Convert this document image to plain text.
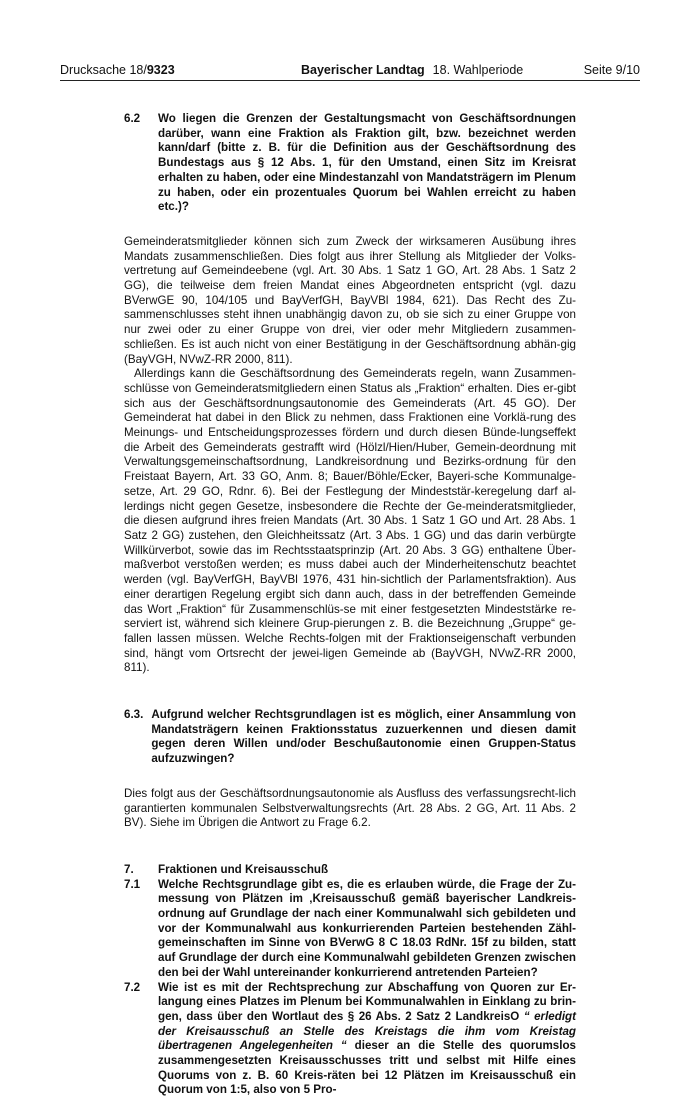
Drucksache 18/9323	Bayerischer Landtag 18. Wahlperiode	Seite 9/10
6.2	Wo liegen die Grenzen der Gestaltungsmacht von Geschäftsordnungen darüber, wann eine Fraktion als Fraktion gilt, bzw. bezeichnet werden kann/darf (bitte z. B. für die Definition aus der Geschäftsordnung des Bundestags aus § 12 Abs. 1, für den Umstand, einen Sitz im Kreisrat erhalten zu haben, oder eine Mindestanzahl von Mandatsträgern im Plenum zu haben, oder ein prozentuales Quorum bei Wahlen erreicht zu haben etc.)?

Gemeinderatsmitglieder können sich zum Zweck der wirksameren Ausübung ihres Mandats zusammenschließen. Dies folgt aus ihrer Stellung als Mitglieder der Volks-vertretung auf Gemeindeebene (vgl. Art. 30 Abs. 1 Satz 1 GO, Art. 28 Abs. 1 Satz 2 GG), die teilweise dem freien Mandat eines Abgeordneten entspricht (vgl. dazu BVerwGE 90, 104/105 und BayVerfGH, BayVBl 1984, 621). Das Recht des Zu-sammenschlusses steht ihnen unabhängig davon zu, ob sie sich zu einer Gruppe von nur zwei oder zu einer Gruppe von drei, vier oder mehr Mitgliedern zusammen-schließen. Es ist auch nicht von einer Bestätigung in der Geschäftsordnung abhän-gig (BayVGH, NVwZ-RR 2000, 811).

Allerdings kann die Geschäftsordnung des Gemeinderats regeln, wann Zusammen-schlüsse von Gemeinderatsmitgliedern einen Status als „Fraktion“ erhalten. Dies er-gibt sich aus der Geschäftsordnungsautonomie des Gemeinderats (Art. 45 GO). Der Gemeinderat hat dabei in den Blick zu nehmen, dass Fraktionen eine Vorklä-rung des Meinungs- und Entscheidungsprozesses fördern und durch diesen Bünde-lungseffekt die Arbeit des Gemeinderats gestrafft wird (Hölzl/Hien/Huber, Gemein-deordnung mit Verwaltungsgemeinschaftsordnung, Landkreisordnung und Bezirks-ordnung für den Freistaat Bayern, Art. 33 GO, Anm. 8; Bauer/Böhle/Ecker, Bayeri-sche Kommunalge-setze, Art. 29 GO, Rdnr. 6). Bei der Festlegung der Mindeststär-keregelung darf al-lerdings nicht gegen Gesetze, insbesondere die Rechte der Ge-meinderatsmitglieder, die diesen aufgrund ihres freien Mandats (Art. 30 Abs. 1 Satz 1 GO und Art. 28 Abs. 1 Satz 2 GG) zustehen, den Gleichheitssatz (Art. 3 Abs. 1 GG) und das darin verbürgte Willkürverbot, sowie das im Rechtsstaatsprinzip (Art. 20 Abs. 3 GG) enthaltene Über-maßverbot verstoßen werden; es muss dabei auch der Minderheitenschutz beachtet werden (vgl. BayVerfGH, BayVBl 1976, 431 hin-sichtlich der Parlamentsfraktion). Aus einer derartigen Regelung ergibt sich dann auch, dass in der betreffenden Gemeinde das Wort „Fraktion“ für Zusammenschlüs-se mit einer festgesetzten Mindeststärke re-serviert ist, während sich kleinere Grup-pierungen z. B. die Bezeichnung „Gruppe“ ge-fallen lassen müssen. Welche Rechts-folgen mit der Fraktionseigenschaft verbunden sind, hängt vom Ortsrecht der jewei-ligen Gemeinde ab (BayVGH, NVwZ-RR 2000, 811).

6.3. Aufgrund welcher Rechtsgrundlagen ist es möglich, einer Ansammlung von Mandatsträgern keinen Fraktionsstatus zuzuerkennen und diesen damit gegen deren Willen und/oder Beschußautonomie einen Gruppen-Status aufzuzwingen?

Dies folgt aus der Geschäftsordnungsautonomie als Ausfluss des verfassungsrecht-lich garantierten kommunalen Selbstverwaltungsrechts (Art. 28 Abs. 2 GG, Art. 11 Abs. 2 BV). Siehe im Übrigen die Antwort zu Frage 6.2.

7.	Fraktionen und Kreisausschuß
7.1	Welche Rechtsgrundlage gibt es, die es erlauben würde, die Frage der Zu-messung von Plätzen im ‚Kreisausschuß gemäß bayerischer Landkreis-ordnung auf Grundlage der nach einer Kommunalwahl sich gebildeten und vor der Kommunalwahl aus konkurrierenden Parteien bestehenden Zähl-gemeinschaften im Sinne von BVerwG 8 C 18.03 RdNr. 15f zu bilden, statt auf Grundlage der durch eine Kommunalwahl gebildeten Grenzen zwischen den bei der Wahl untereinander konkurrierend antretenden Parteien?
7.2	Wie ist es mit der Rechtsprechung zur Abschaffung von Quoren zur Er-langung eines Platzes im Plenum bei Kommunalwahlen in Einklang zu brin-gen, dass über den Wortlaut des § 26 Abs. 2 Satz 2 LandkreisO “ erledigt der Kreisausschuß an Stelle des Kreistags die ihm vom Kreistag übertragenen Angelegenheiten “ dieser an die Stelle des quorumslos zusammengesetzten Kreisausschusses tritt und selbst mit Hilfe eines Quorums von z. B. 60 Kreis-räten bei 12 Plätzen im Kreisausschuß ein Quorum von 1:5, also von 5 Pro-
